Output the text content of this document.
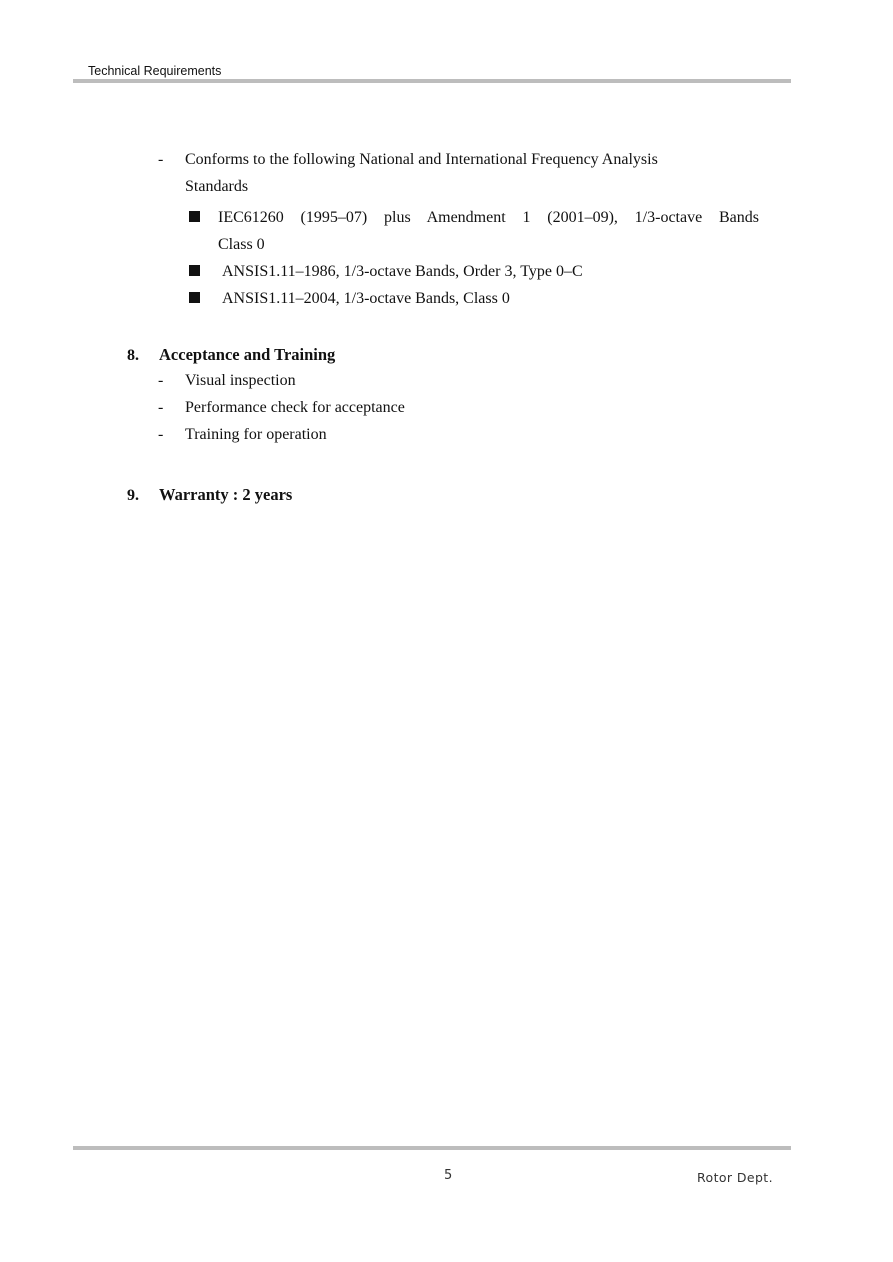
Technical Requirements
- Conforms to the following National and International Frequency Analysis
Standards
IEC61260 (1995–07) plus Amendment 1 (2001–09), 1/3-octave Bands
Class 0
ANSIS1.11–1986, 1/3-octave Bands, Order 3, Type 0–C
ANSIS1.11–2004, 1/3-octave Bands, Class 0
8. Acceptance and Training
- Visual inspection
- Performance check for acceptance
- Training for operation
9. Warranty : 2 years
5	Rotor Dept.
